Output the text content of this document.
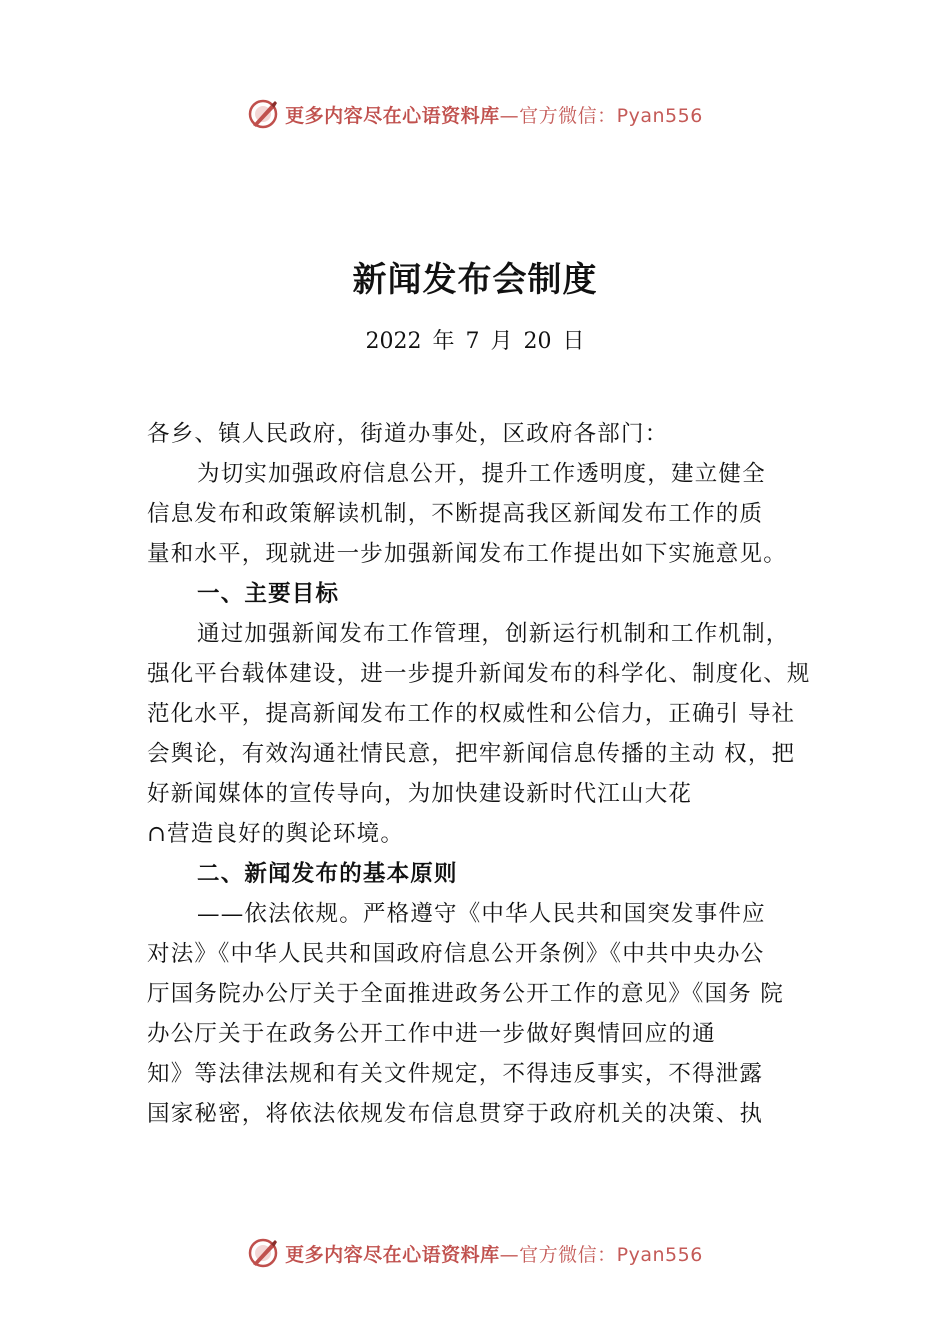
更多内容尽在心语资料库—官方微信：Pyan556
新闻发布会制度
2022 年 7 月 20 日

各乡、镇人民政府，街道办事处，区政府各部门：

为切实加强政府信息公开，提升工作透明度，建立健全

信息发布和政策解读机制，不断提高我区新闻发布工作的质

量和水平，现就进一步加强新闻发布工作提出如下实施意见。

一、主要目标

通过加强新闻发布工作管理，创新运行机制和工作机制，

强化平台载体建设，进一步提升新闻发布的科学化、制度化、规

范化水平，提高新闻发布工作的权威性和公信力，正确引 导社

会舆论，有效沟通社情民意，把牢新闻信息传播的主动 权，把

好新闻媒体的宣传导向，为加快建设新时代江山大花

∩营造良好的舆论环境。

二、新闻发布的基本原则

——依法依规。严格遵守《中华人民共和国突发事件应

对法》《中华人民共和国政府信息公开条例》《中共中央办公

厅国务院办公厅关于全面推进政务公开工作的意见》《国务 院

办公厅关于在政务公开工作中进一步做好舆情回应的通

知》等法律法规和有关文件规定，不得违反事实，不得泄露

国家秘密，将依法依规发布信息贯穿于政府机关的决策、执

更多内容尽在心语资料库—官方微信：Pyan556
